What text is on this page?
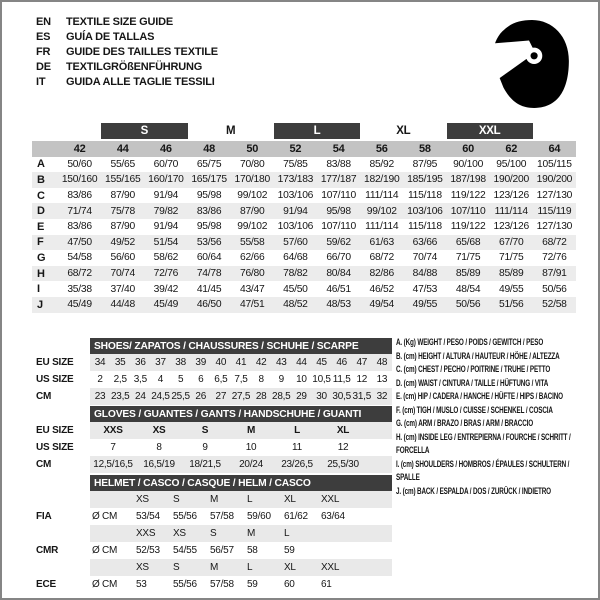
EN	TEXTILE SIZE GUIDE
ES	GUÍA DE TALLAS
FR	GUIDE DES TAILLES TEXTILE
DE	TEXTILGRÖßENFÜHRUNG
IT	GUIDA ALLE TAGLIE TESSILI
S	M	L	XL	XXL
42	44	46	48	50	52	54	56	58	60	62	64
A	50/60	55/65	60/70	65/75	70/80	75/85	83/88	85/92	87/95	90/100	95/100	105/115
B	150/160 155/165 160/170 165/175 170/180 173/183 177/187 182/190 185/195 187/198 190/200 190/200
C	83/86	87/90	91/94	95/98	99/102	103/106 107/110 111/114 115/118 119/122 123/126 127/130
D	71/74	75/78	79/82	83/86	87/90	91/94	95/98	99/102	103/106 107/110 111/114 115/119
E	83/86	87/90	91/94	95/98	99/102	103/106 107/110 111/114 115/118 119/122 123/126 127/130
F	47/50	49/52	51/54	53/56	55/58	57/60	59/62	61/63	63/66	65/68	67/70	68/72
G	54/58	56/60	58/62	60/64	62/66	64/68	66/70	68/72	70/74	71/75	71/75	72/76
H	68/72	70/74	72/76	74/78	76/80	78/82	80/84	82/86	84/88	85/89	85/89	87/91
I	35/38	37/40	39/42	41/45	43/47	45/50	46/51	46/52	47/53	48/54	49/55	50/56
J	45/49	44/48	45/49	46/50	47/51	48/52	48/53	49/54	49/55	50/56	51/56	52/58
SHOES/ ZAPATOS / CHAUSSURES / SCHUHE / SCARPE
EU SIZE	34 35 36 37 38 39 40 41 42 43 44 45 46 47 48
US SIZE	2	2,5 3,5	4	5	6	6,5 7,5	8	9	10 10,5 11,5 12 13
CM	23 23,5 24 24,5 25,5 26 27 27,5 28 28,5 29 30 30,5 31,5 32
GLOVES / GUANTES / GANTS / HANDSCHUHE / GUANTI
EU SIZE	XXS	XS	S	M	L	XL
US SIZE	7	8	9	10	11	12
CM	12,5/16,5	16,5/19	18/21,5	20/24	23/26,5	25,5/30
HELMET / CASCO / CASQUE / HELM / CASCO
XS	S	M	L	XL	XXL
FIA	Ø CM	53/54	55/56	57/58	59/60	61/62	63/64
XXS	XS	S	M	L
CMR	Ø CM	52/53	54/55	56/57	58	59
XS	S	M	L	XL	XXL
ECE	Ø CM	53	55/56	57/58	59	60	61
A. (Kg) WEIGHT / PESO / POIDS / GEWITCH / PESO
B. (cm) HEIGHT / ALTURA / HAUTEUR / HÖHE / ALTEZZA
C. (cm) CHEST / PECHO / POITRINE / TRUHE / PETTO
D. (cm) WAIST / CINTURA / TAILLE / HÜFTUNG / VITA
E. (cm) HIP / CADERA / HANCHE / HÜFTE / HIPS / BACINO
F. (cm) TIGH / MUSLO / CUISSE / SCHENKEL / COSCIA
G. (cm) ARM / BRAZO / BRAS / ARM / BRACCIO
H. (cm) INSIDE LEG / ENTREPIERNA / FOURCHE / SCHRITT / FORCELLA
I. (cm) SHOULDERS / HOMBROS / ÉPAULES / SCHULTERN / SPALLE
J. (cm) BACK / ESPALDA / DOS / ZURÜCK / INDIETRO
